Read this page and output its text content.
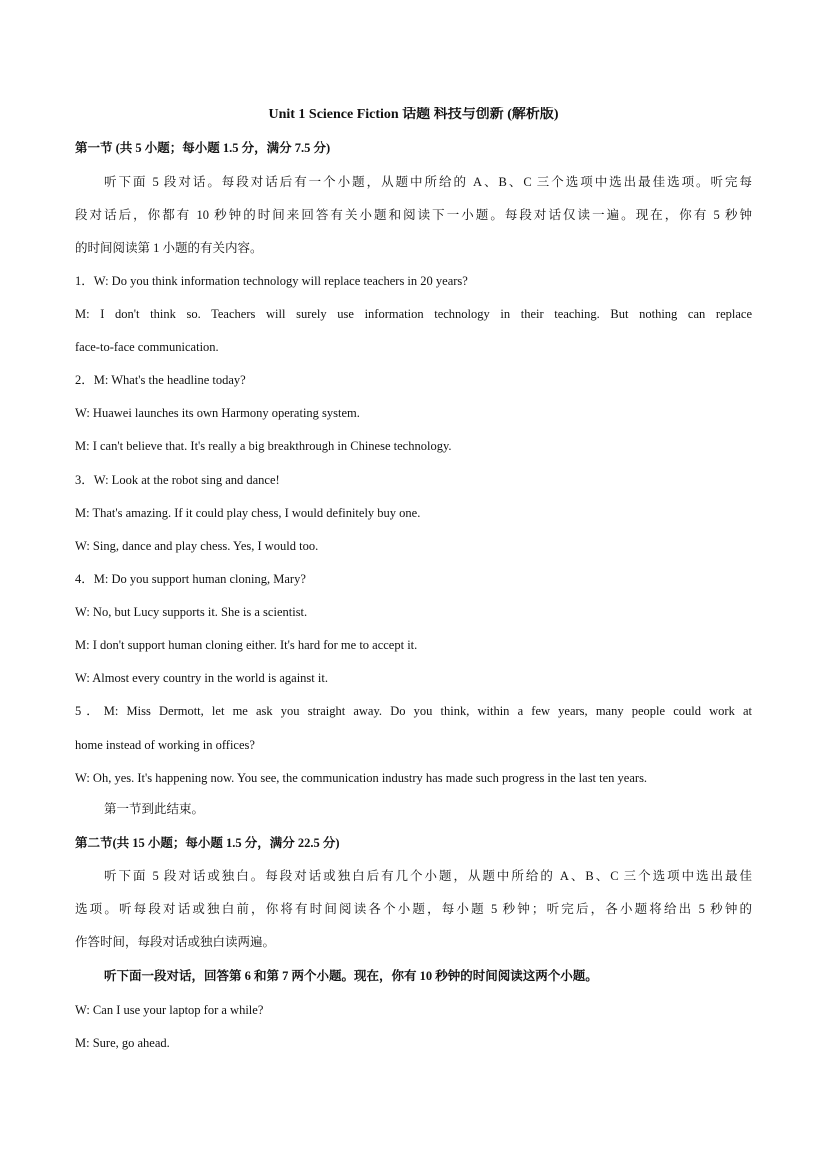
Unit 1 Science Fiction 话题 科技与创新 (解析版)
第一节 (共 5 小题；每小题 1.5 分，满分 7.5 分)
听下面 5 段对话。每段对话后有一个小题，从题中所给的 A、B、C 三个选项中选出最佳选项。听完每
段对话后，你都有 10 秒钟的时间来回答有关小题和阅读下一小题。每段对话仅读一遍。现在，你有 5 秒钟
的时间阅读第 1 小题的有关内容。
1．W: Do you think information technology will replace teachers in 20 years?
M: I don't think so. Teachers will surely use information technology in their teaching. But nothing can replace
face-to-face communication.
2．M: What's the headline today?
W: Huawei launches its own Harmony operating system.
M: I can't believe that. It's really a big breakthrough in Chinese technology.
3．W: Look at the robot sing and dance!
M: That's amazing. If it could play chess, I would definitely buy one.
W: Sing, dance and play chess. Yes, I would too.
4．M: Do you support human cloning, Mary?
W: No, but Lucy supports it. She is a scientist.
M: I don't support human cloning either. It's hard for me to accept it.
W: Almost every country in the world is against it.
5．M: Miss Dermott, let me ask you straight away. Do you think, within a few years, many people could work at
home instead of working in offices?
W: Oh, yes. It's happening now. You see, the communication industry has made such progress in the last ten years.
第一节到此结束。
第二节(共 15 小题；每小题 1.5 分，满分 22.5 分)
听下面 5 段对话或独白。每段对话或独白后有几个小题，从题中所给的 A、B、C 三个选项中选出最佳
选项。听每段对话或独白前，你将有时间阅读各个小题，每小题 5 秒钟；听完后，各小题将给出 5 秒钟的
作答时间，每段对话或独白读两遍。
听下面一段对话，回答第 6 和第 7 两个小题。现在，你有 10 秒钟的时间阅读这两个小题。
W: Can I use your laptop for a while?
M: Sure, go ahead.
